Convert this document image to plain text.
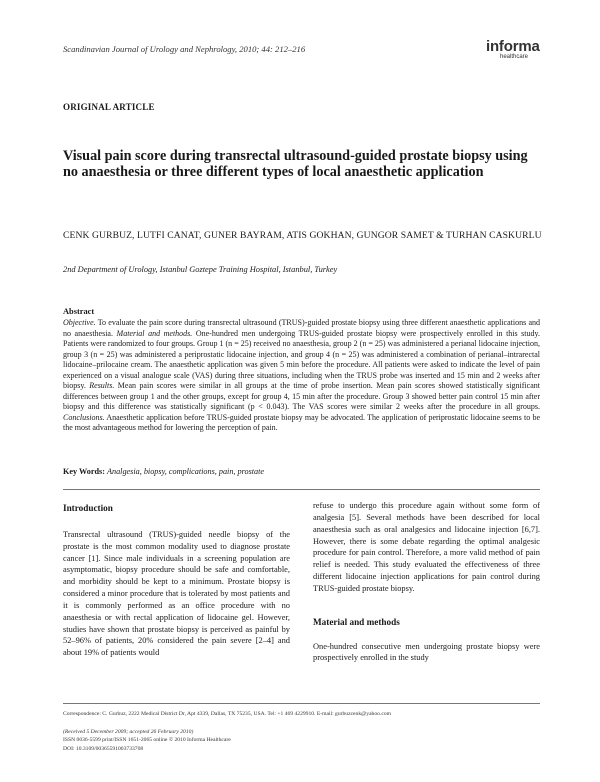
Scandinavian Journal of Urology and Nephrology, 2010; 44: 212–216	informa
healthcare
ORIGINAL ARTICLE
Visual pain score during transrectal ultrasound-guided prostate biopsy using no anaesthesia or three different types of local anaesthetic application
CENK GURBUZ, LUTFI CANAT, GUNER BAYRAM, ATIS GOKHAN, GUNGOR SAMET & TURHAN CASKURLU
2nd Department of Urology, Istanbul Goztepe Training Hospital, Istanbul, Turkey
Abstract
Objective. To evaluate the pain score during transrectal ultrasound (TRUS)-guided prostate biopsy using three different anaesthetic applications and no anaesthesia. Material and methods. One-hundred men undergoing TRUS-guided prostate biopsy were prospectively enrolled in this study. Patients were randomized to four groups. Group 1 (n = 25) received no anaesthesia, group 2 (n = 25) was administered a perianal lidocaine injection, group 3 (n = 25) was administered a periprostatic lidocaine injection, and group 4 (n = 25) was administered a combination of perianal–intrarectal lidocaine–prilocaine cream. The anaesthetic application was given 5 min before the procedure. All patients were asked to indicate the level of pain experienced on a visual analogue scale (VAS) during three situations, including when the TRUS probe was inserted and 15 min and 2 weeks after biopsy. Results. Mean pain scores were similar in all groups at the time of probe insertion. Mean pain scores showed statistically significant differences between group 1 and the other groups, except for group 4, 15 min after the procedure. Group 3 showed better pain control 15 min after biopsy and this difference was statistically significant (p < 0.043). The VAS scores were similar 2 weeks after the procedure in all groups. Conclusions. Anaesthetic application before TRUS-guided prostate biopsy may be advocated. The application of periprostatic lidocaine seems to be the most advantageous method for lowering the perception of pain.
Key Words: Analgesia, biopsy, complications, pain, prostate
Introduction

Transrectal ultrasound (TRUS)-guided needle biopsy of the prostate is the most common modality used to diagnose prostate cancer [1]. Since male individuals in a screening population are asymptomatic, biopsy procedure should be safe and comfortable, and morbidity should be kept to a minimum. Prostate biopsy is considered a minor procedure that is tolerated by most patients and it is commonly performed as an office procedure with no anaesthesia or with rectal application of lidocaine gel. However, studies have shown that prostate biopsy is perceived as painful by 52–96% of patients, 20% considered the pain severe [2–4] and about 19% of patients would

refuse to undergo this procedure again without some form of analgesia [5]. Several methods have been described for local anaesthesia such as oral analgesics and lidocaine injection [6,7]. However, there is some debate regarding the optimal analgesic procedure for pain control. Therefore, a more valid method of pain relief is needed. This study evaluated the effectiveness of three different lidocaine injection applications for pain control during TRUS-guided prostate biopsy.

Material and methods

One-hundred consecutive men undergoing prostate biopsy were prospectively enrolled in the study

Correspondence: C. Gurbuz, 2222 Medical District Dr, Apt 4339, Dallas, TX 75235, USA. Tel: +1 469 4229910. E-mail: gurbuzcenk@yahoo.com
(Received 5 December 2009; accepted 26 February 2010)
ISSN 0036-5599 print/ISSN 1651-2065 online © 2010 Informa Healthcare
DOI: 10.3109/00365591003733708
